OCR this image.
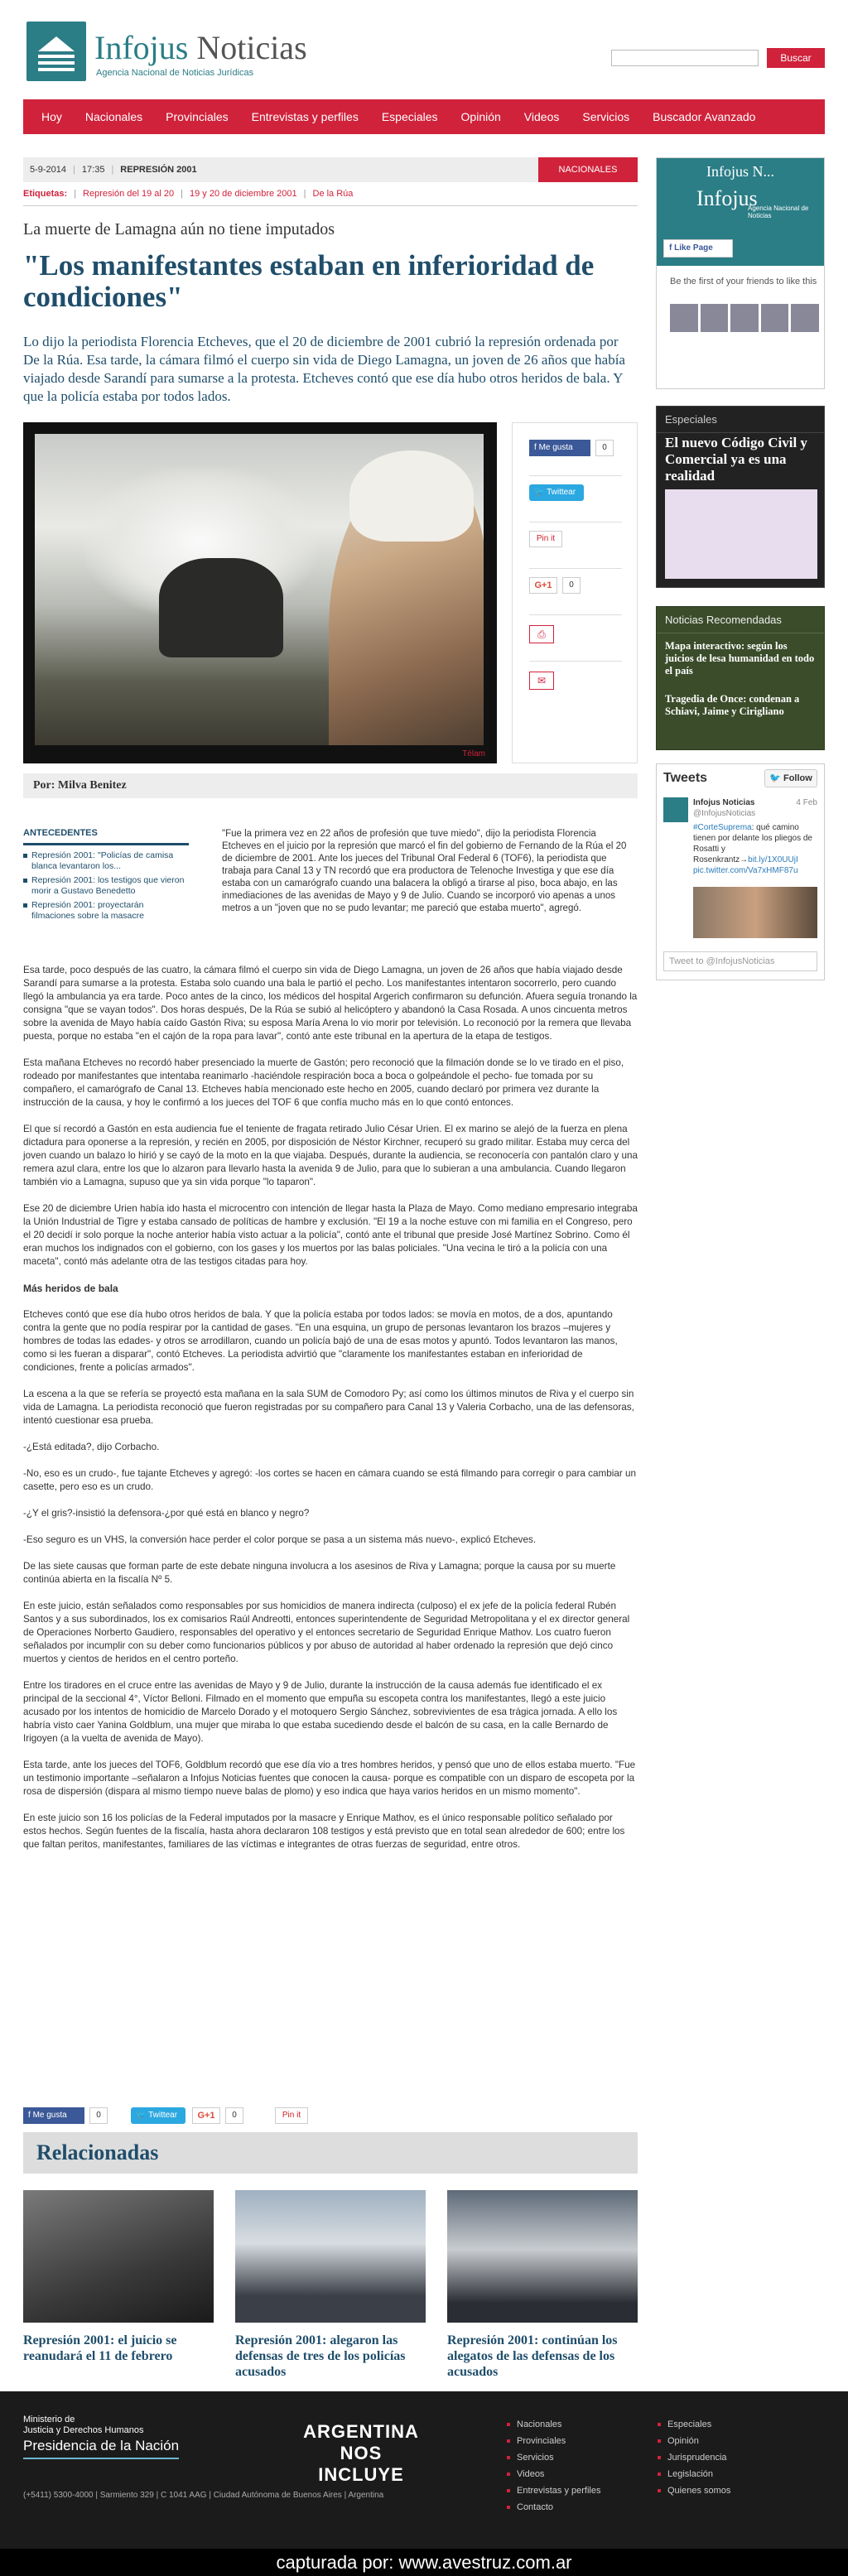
Infojus Noticias
Agencia Nacional de Noticias Jurídicas
Buscar
Hoy	Nacionales	Provinciales	Entrevistas y perfiles	Especiales	Opinión	Videos	Servicios	Buscador Avanzado
5-9-2014 | 17:35 | REPRESIÓN 2001	NACIONALES
Etiquetas: | Represión del 19 al 20 | 19 y 20 de diciembre 2001 | De la Rúa
La muerte de Lamagna aún no tiene imputados
"Los manifestantes estaban en inferioridad de condiciones"
Lo dijo la periodista Florencia Etcheves, que el 20 de diciembre de 2001 cubrió la represión ordenada por De la Rúa. Esa tarde, la cámara filmó el cuerpo sin vida de Diego Lamagna, un joven de 26 años que había viajado desde Sarandí para sumarse a la protesta. Etcheves contó que ese día hubo otros heridos de bala. Y que la policía estaba por todos lados.
Télam
f Me gusta	0
🐦 Twittear
Pin it
G+1	0
⎙
✉
Por: Milva Benitez
ANTECEDENTES
Represión 2001: "Policías de camisa blanca levantaron los...
Represión 2001: los testigos que vieron morir a Gustavo Benedetto
Represión 2001: proyectarán filmaciones sobre la masacre
"Fue la primera vez en 22 años de profesión que tuve miedo", dijo la periodista Florencia Etcheves en el juicio por la represión que marcó el fin del gobierno de Fernando de la Rúa el 20 de diciembre de 2001. Ante los jueces del Tribunal Oral Federal 6 (TOF6), la periodista que trabaja para Canal 13 y TN recordó que era productora de Telenoche Investiga y que ese día estaba con un camarógrafo cuando una balacera la obligó a tirarse al piso, boca abajo, en las inmediaciones de las avenidas de Mayo y 9 de Julio. Cuando se incorporó vio apenas a unos metros a un "joven que no se pudo levantar; me pareció que estaba muerto", agregó.

Esa tarde, poco después de las cuatro, la cámara filmó el cuerpo sin vida de Diego Lamagna, un joven de 26 años que había viajado desde Sarandí para sumarse a la protesta. Estaba solo cuando una bala le partió el pecho. Los manifestantes intentaron socorrerlo, pero cuando llegó la ambulancia ya era tarde. Poco antes de la cinco, los médicos del hospital Argerich confirmaron su defunción. Afuera seguía tronando la consigna "que se vayan todos". Dos horas después, De la Rúa se subió al helicóptero y abandonó la Casa Rosada. A unos cincuenta metros sobre la avenida de Mayo había caído Gastón Riva; su esposa María Arena lo vio morir por televisión. Lo reconoció por la remera que llevaba puesta, porque no estaba "en el cajón de la ropa para lavar", contó ante este tribunal en la apertura de la etapa de testigos.

Esta mañana Etcheves no recordó haber presenciado la muerte de Gastón; pero reconoció que la filmación donde se lo ve tirado en el piso, rodeado por manifestantes que intentaba reanimarlo -haciéndole respiración boca a boca o golpeándole el pecho- fue tomada por su compañero, el camarógrafo de Canal 13. Etcheves había mencionado este hecho en 2005, cuando declaró por primera vez durante la instrucción de la causa, y hoy le confirmó a los jueces del TOF 6 que confía mucho más en lo que contó entonces.

El que sí recordó a Gastón en esta audiencia fue el teniente de fragata retirado Julio César Urien. El ex marino se alejó de la fuerza en plena dictadura para oponerse a la represión, y recién en 2005, por disposición de Néstor Kirchner, recuperó su grado militar. Estaba muy cerca del joven cuando un balazo lo hirió y se cayó de la moto en la que viajaba. Después, durante la audiencia, se reconocería con pantalón claro y una remera azul clara, entre los que lo alzaron para llevarlo hasta la avenida 9 de Julio, para que lo subieran a una ambulancia. Cuando llegaron también vio a Lamagna, supuso que ya sin vida porque "lo taparon".

Ese 20 de diciembre Urien había ido hasta el microcentro con intención de llegar hasta la Plaza de Mayo. Como mediano empresario integraba la Unión Industrial de Tigre y estaba cansado de políticas de hambre y exclusión. "El 19 a la noche estuve con mi familia en el Congreso, pero el 20 decidí ir solo porque la noche anterior había visto actuar a la policía", contó ante el tribunal que preside José Martínez Sobrino. Como él eran muchos los indignados con el gobierno, con los gases y los muertos por las balas policiales. "Una vecina le tiró a la policía con una maceta", contó más adelante otra de las testigos citadas para hoy.

Más heridos de bala

Etcheves contó que ese día hubo otros heridos de bala. Y que la policía estaba por todos lados: se movía en motos, de a dos, apuntando contra la gente que no podía respirar por la cantidad de gases. "En una esquina, un grupo de personas levantaron los brazos –mujeres y hombres de todas las edades- y otros se arrodillaron, cuando un policía bajó de una de esas motos y apuntó. Todos levantaron las manos, como si les fueran a disparar", contó Etcheves. La periodista advirtió que "claramente los manifestantes estaban en inferioridad de condiciones, frente a policías armados".

La escena a la que se refería se proyectó esta mañana en la sala SUM de Comodoro Py; así como los últimos minutos de Riva y el cuerpo sin vida de Lamagna. La periodista reconoció que fueron registradas por su compañero para Canal 13 y Valeria Corbacho, una de las defensoras, intentó cuestionar esa prueba.

-¿Está editada?, dijo Corbacho.

-No, eso es un crudo-, fue tajante Etcheves y agregó: -los cortes se hacen en cámara cuando se está filmando para corregir o para cambiar un casette, pero eso es un crudo.

-¿Y el gris?-insistió la defensora-¿por qué está en blanco y negro?

-Eso seguro es un VHS, la conversión hace perder el color porque se pasa a un sistema más nuevo-, explicó Etcheves.

De las siete causas que forman parte de este debate ninguna involucra a los asesinos de Riva y Lamagna; porque la causa por su muerte continúa abierta en la fiscalía Nº 5.

En este juicio, están señalados como responsables por sus homicidios de manera indirecta (culposo) el ex jefe de la policía federal Rubén Santos y a sus subordinados, los ex comisarios Raúl Andreotti, entonces superintendente de Seguridad Metropolitana y el ex director general de Operaciones Norberto Gaudiero, responsables del operativo y el entonces secretario de Seguridad Enrique Mathov. Los cuatro fueron señalados por incumplir con su deber como funcionarios públicos y por abuso de autoridad al haber ordenado la represión que dejó cinco muertos y cientos de heridos en el centro porteño.

Entre los tiradores en el cruce entre las avenidas de Mayo y 9 de Julio, durante la instrucción de la causa además fue identificado el ex principal de la seccional 4°, Víctor Belloni. Filmado en el momento que empuña su escopeta contra los manifestantes, llegó a este juicio acusado por los intentos de homicidio de Marcelo Dorado y el motoquero Sergio Sánchez, sobrevivientes de esa trágica jornada. A ello los habría visto caer Yanina Goldblum, una mujer que miraba lo que estaba sucediendo desde el balcón de su casa, en la calle Bernardo de Irigoyen (a la vuelta de avenida de Mayo).

Esta tarde, ante los jueces del TOF6, Goldblum recordó que ese día vio a tres hombres heridos, y pensó que uno de ellos estaba muerto. "Fue un testimonio importante –señalaron a Infojus Noticias fuentes que conocen la causa- porque es compatible con un disparo de escopeta por la rosa de dispersión (dispara al mismo tiempo nueve balas de plomo) y eso indica que haya varios heridos en un mismo momento".

En este juicio son 16 los policías de la Federal imputados por la masacre y Enrique Mathov, es el único responsable político señalado por estos hechos. Según fuentes de la fiscalía, hasta ahora declararon 108 testigos y está previsto que en total sean alrededor de 600; entre los que faltan peritos, manifestantes, familiares de las víctimas e integrantes de otras fuerzas de seguridad, entre otros.

f Me gusta	0	🐦 Twittear	G+1	0	Pin it
Relacionadas
Represión 2001: el juicio se reanudará el 11 de febrero
Represión 2001: alegaron las defensas de tres de los policías acusados
Represión 2001: continúan los alegatos de las defensas de los acusados
Infojus N...
Infojus
Agencia Nacional de Noticias
f Like Page
Be the first of your friends to like this
Especiales
El nuevo Código Civil y Comercial ya es una realidad
Noticias Recomendadas
Mapa interactivo: según los juicios de lesa humanidad en todo el país
Tragedia de Once: condenan a Schiavi, Jaime y Cirigliano
Tweets	🐦 Follow
Infojus Noticias	4 Feb
@InfojusNoticias
#CorteSuprema: qué camino tienen por delante los pliegos de Rosatti y Rosenkrantz→bit.ly/1X0UUjI
pic.twitter.com/Va7xHMF87u
Tweet to @InfojusNoticias
Ministerio de
Justicia y Derechos Humanos
Presidencia de la Nación
(+5411) 5300-4000 | Sarmiento 329 | C 1041 AAG | Ciudad Autónoma de Buenos Aires | Argentina
ARGENTINA
NOS INCLUYE
Nacionales
Provinciales
Servicios
Videos
Entrevistas y perfiles
Contacto
Especiales
Opinión
Jurisprudencia
Legislación
Quienes somos
capturada por: www.avestruz.com.ar
